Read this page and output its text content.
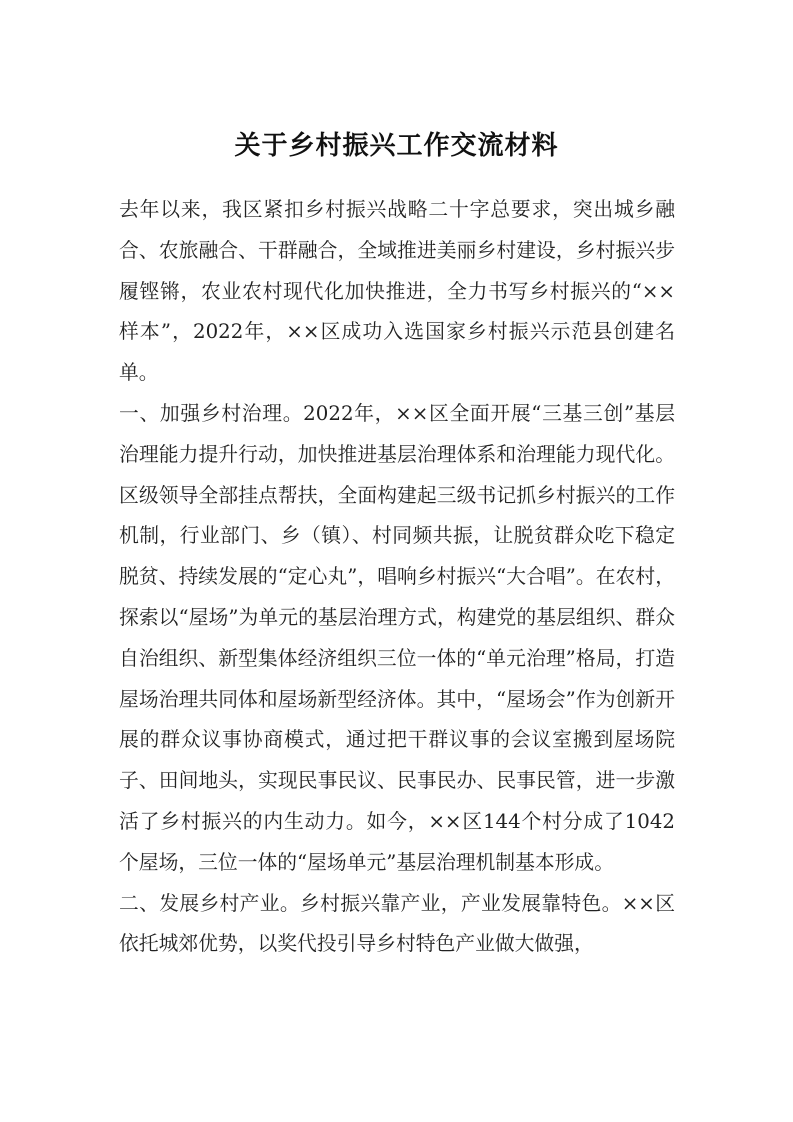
关于乡村振兴工作交流材料

去年以来，我区紧扣乡村振兴战略二十字总要求，突出城乡融合、农旅融合、干群融合，全域推进美丽乡村建设，乡村振兴步履铿锵，农业农村现代化加快推进，全力书写乡村振兴的“××样本”，2022年，××区成功入选国家乡村振兴示范县创建名单。

一、加强乡村治理。2022年，××区全面开展“三基三创”基层治理能力提升行动，加快推进基层治理体系和治理能力现代化。区级领导全部挂点帮扶，全面构建起三级书记抓乡村振兴的工作机制，行业部门、乡（镇）、村同频共振，让脱贫群众吃下稳定脱贫、持续发展的“定心丸”，唱响乡村振兴“大合唱”。在农村，探索以“屋场”为单元的基层治理方式，构建党的基层组织、群众自治组织、新型集体经济组织三位一体的“单元治理”格局，打造屋场治理共同体和屋场新型经济体。其中，“屋场会”作为创新开展的群众议事协商模式，通过把干群议事的会议室搬到屋场院子、田间地头，实现民事民议、民事民办、民事民管，进一步激活了乡村振兴的内生动力。如今，××区144个村分成了1042个屋场，三位一体的“屋场单元”基层治理机制基本形成。

二、发展乡村产业。乡村振兴靠产业，产业发展靠特色。××区依托城郊优势，以奖代投引导乡村特色产业做大做强，
